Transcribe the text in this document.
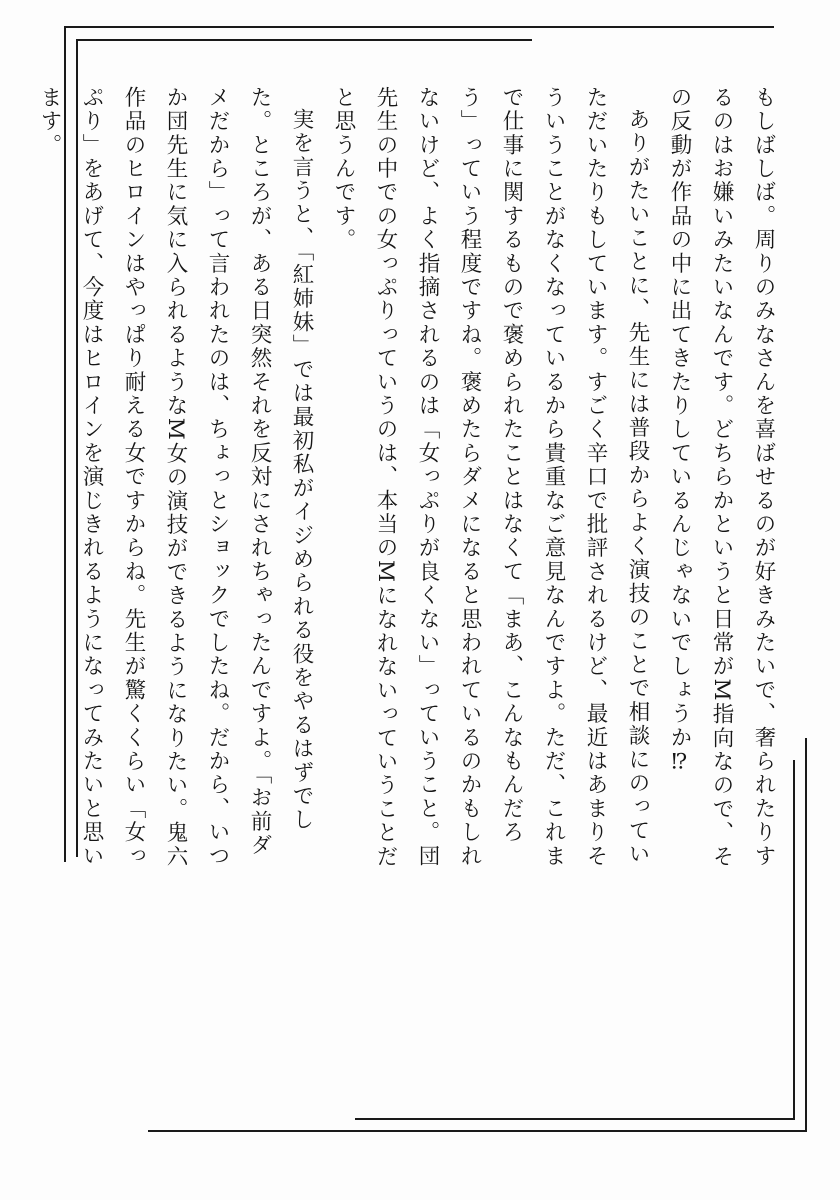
もしばしば。周りのみなさんを喜ばせるのが好きみたいで、奢られたりす
るのはお嫌いみたいなんです。どちらかというと日常がM指向なので、そ
の反動が作品の中に出てきたりしているんじゃないでしょうか⁉
ありがたいことに、先生には普段からよく演技のことで相談にのってい
ただいたりもしています。すごく辛口で批評されるけど、最近はあまりそ
ういうことがなくなっているから貴重なご意見なんですよ。ただ、これま
で仕事に関するもので褒められたことはなくて「まあ、こんなもんだろ
う」っていう程度ですね。褒めたらダメになると思われているのかもしれ
ないけど、よく指摘されるのは「女っぷりが良くない」っていうこと。団
先生の中での女っぷりっていうのは、本当のMになれないっていうことだ
と思うんです。
実を言うと、「紅姉妹」では最初私がイジめられる役をやるはずでし
た。ところが、ある日突然それを反対にされちゃったんですよ。「お前ダ
メだから」って言われたのは、ちょっとショックでしたね。だから、いつ
か団先生に気に入られるようなM女の演技ができるようになりたい。鬼六
作品のヒロインはやっぱり耐える女ですからね。先生が驚くくらい「女っ
ぷり」をあげて、今度はヒロインを演じきれるようになってみたいと思い
ます。
